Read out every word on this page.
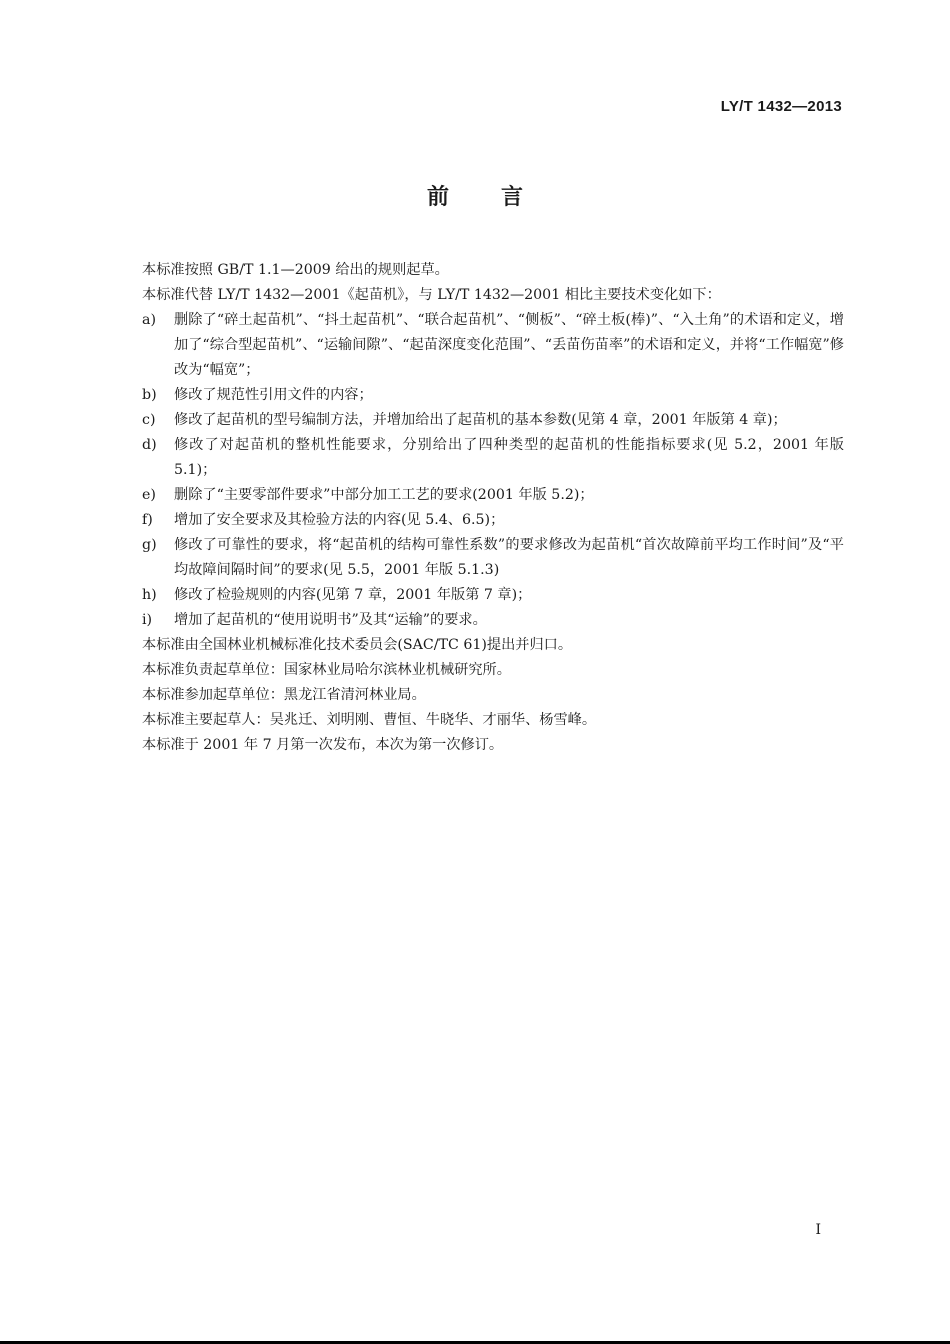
LY/T 1432—2013
前言

本标准按照 GB/T 1.1—2009 给出的规则起草。

本标准代替 LY/T 1432—2001《起苗机》，与 LY/T 1432—2001 相比主要技术变化如下：

a)	删除了“碎土起苗机”、“抖土起苗机”、“联合起苗机”、“侧板”、“碎土板(棒)”、“入土角”的术语和定义，增加了“综合型起苗机”、“运输间隙”、“起苗深度变化范围”、“丢苗伤苗率”的术语和定义，并将“工作幅宽”修改为“幅宽”；
b)	修改了规范性引用文件的内容；
c)	修改了起苗机的型号编制方法，并增加给出了起苗机的基本参数(见第 4 章，2001 年版第 4 章)；
d)	修改了对起苗机的整机性能要求，分别给出了四种类型的起苗机的性能指标要求(见 5.2，2001 年版 5.1)；
e)	删除了“主要零部件要求”中部分加工工艺的要求(2001 年版 5.2)；
f)	增加了安全要求及其检验方法的内容(见 5.4、6.5)；
g)	修改了可靠性的要求，将“起苗机的结构可靠性系数”的要求修改为起苗机“首次故障前平均工作时间”及“平均故障间隔时间”的要求(见 5.5，2001 年版 5.1.3)
h)	修改了检验规则的内容(见第 7 章，2001 年版第 7 章)；
i)	增加了起苗机的“使用说明书”及其“运输”的要求。

本标准由全国林业机械标准化技术委员会(SAC/TC 61)提出并归口。

本标准负责起草单位：国家林业局哈尔滨林业机械研究所。

本标准参加起草单位：黑龙江省清河林业局。

本标准主要起草人：吴兆迁、刘明刚、曹恒、牛晓华、才丽华、杨雪峰。

本标准于 2001 年 7 月第一次发布，本次为第一次修订。

I
